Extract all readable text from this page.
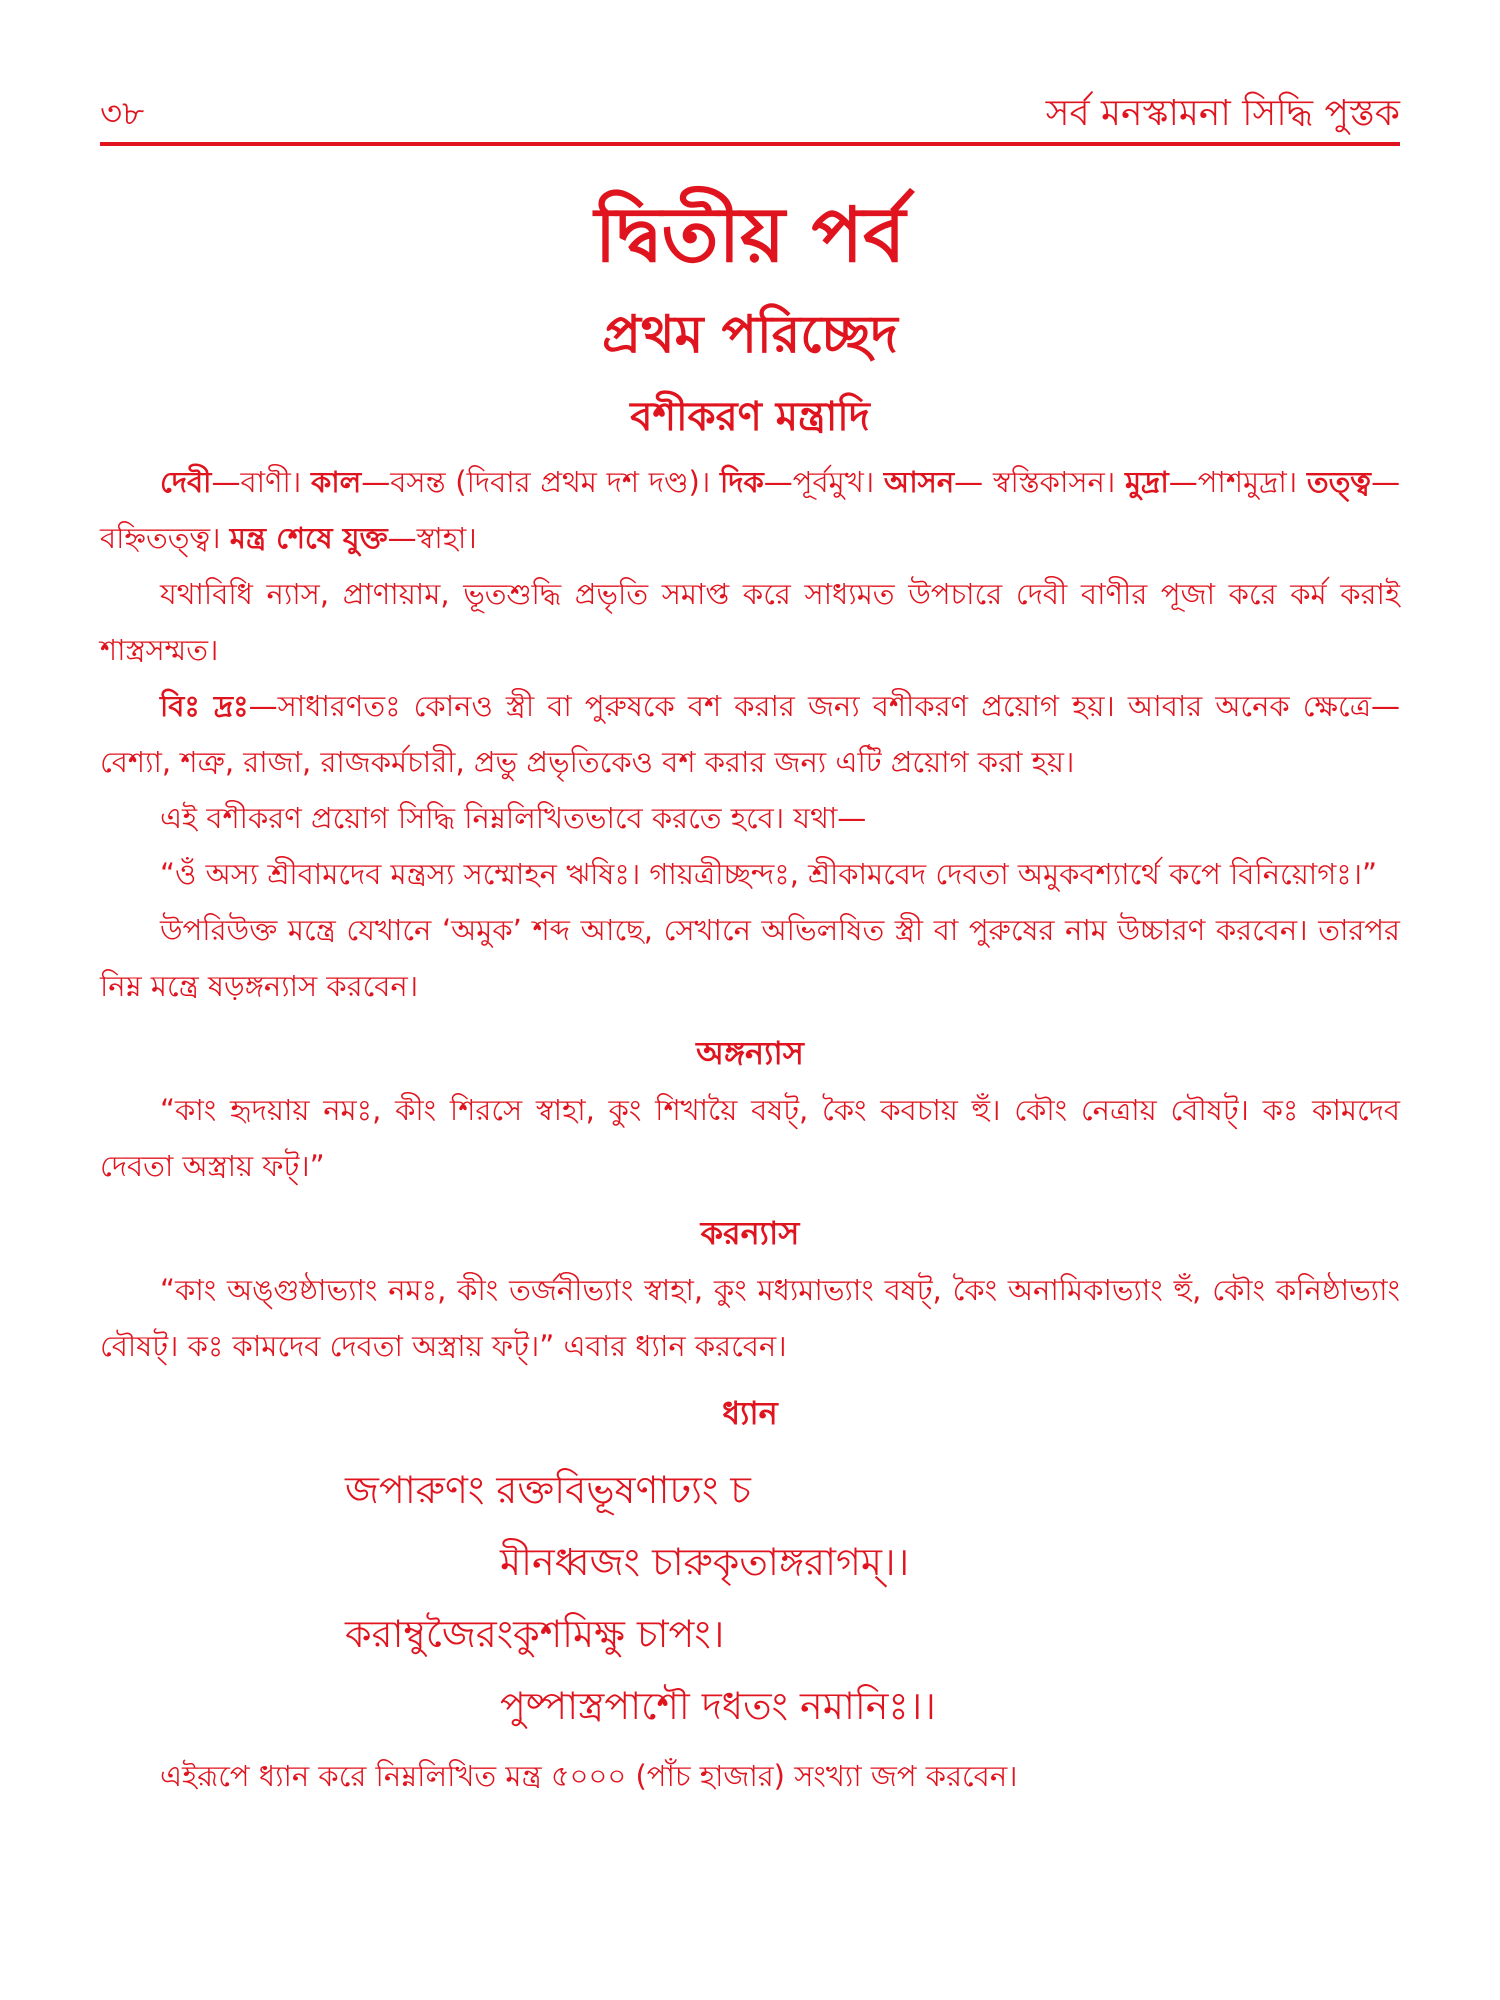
৩৮	সর্ব মনস্কামনা সিদ্ধি পুস্তক
দ্বিতীয় পর্ব
প্রথম পরিচ্ছেদ
বশীকরণ মন্ত্রাদি

দেবী—বাণী। কাল—বসন্ত (দিবার প্রথম দশ দণ্ড)। দিক—পূর্বমুখ। আসন— স্বস্তিকাসন। মুদ্রা—পাশমুদ্রা। তত্ত্ব—বহ্নিতত্ত্ব। মন্ত্র শেষে যুক্ত—স্বাহা।

যথাবিধি ন্যাস, প্রাণায়াম, ভূতশুদ্ধি প্রভৃতি সমাপ্ত করে সাধ্যমত উপচারে দেবী বাণীর পূজা করে কর্ম করাই শাস্ত্রসম্মত।

বিঃ দ্রঃ—সাধারণতঃ কোনও স্ত্রী বা পুরুষকে বশ করার জন্য বশীকরণ প্রয়োগ হয়। আবার অনেক ক্ষেত্রে—বেশ্যা, শত্রু, রাজা, রাজকর্মচারী, প্রভু প্রভৃতিকেও বশ করার জন্য এটি প্রয়োগ করা হয়।

এই বশীকরণ প্রয়োগ সিদ্ধি নিম্নলিখিতভাবে করতে হবে। যথা—

“ওঁ অস্য শ্রীবামদেব মন্ত্রস্য সম্মোহন ঋষিঃ। গায়ত্রীচ্ছন্দঃ, শ্রীকামবেদ দেবতা অমুকবশ্যার্থে কপে বিনিয়োগঃ।”

উপরিউক্ত মন্ত্রে যেখানে ‘অমুক’ শব্দ আছে, সেখানে অভিলষিত স্ত্রী বা পুরুষের নাম উচ্চারণ করবেন। তারপর নিম্ন মন্ত্রে ষড়ঙ্গন্যাস করবেন।

অঙ্গন্যাস

“কাং হৃদয়ায় নমঃ, কীং শিরসে স্বাহা, কুং শিখায়ৈ বষট্, কৈং কবচায় হুঁ। কৌং নেত্রায় বৌষট্। কঃ কামদেব দেবতা অস্ত্রায় ফট্।”

করন্যাস

“কাং অঙ্গুষ্ঠাভ্যাং নমঃ, কীং তর্জনীভ্যাং স্বাহা, কুং মধ্যমাভ্যাং বষট্, কৈং অনামিকাভ্যাং হুঁ, কৌং কনিষ্ঠাভ্যাং বৌষট্। কঃ কামদেব দেবতা অস্ত্রায় ফট্।” এবার ধ্যান করবেন।

ধ্যান
জপারুণং রক্তবিভূষণাঢ্যং চ
মীনধ্বজং চারুকৃতাঙ্গরাগম্।।
করাম্বুজৈরংকুশমিক্ষু চাপং।
পুষ্পাস্ত্রপাশৌ দধতং নমানিঃ।।

এইরূপে ধ্যান করে নিম্নলিখিত মন্ত্র ৫০০০ (পাঁচ হাজার) সংখ্যা জপ করবেন।
